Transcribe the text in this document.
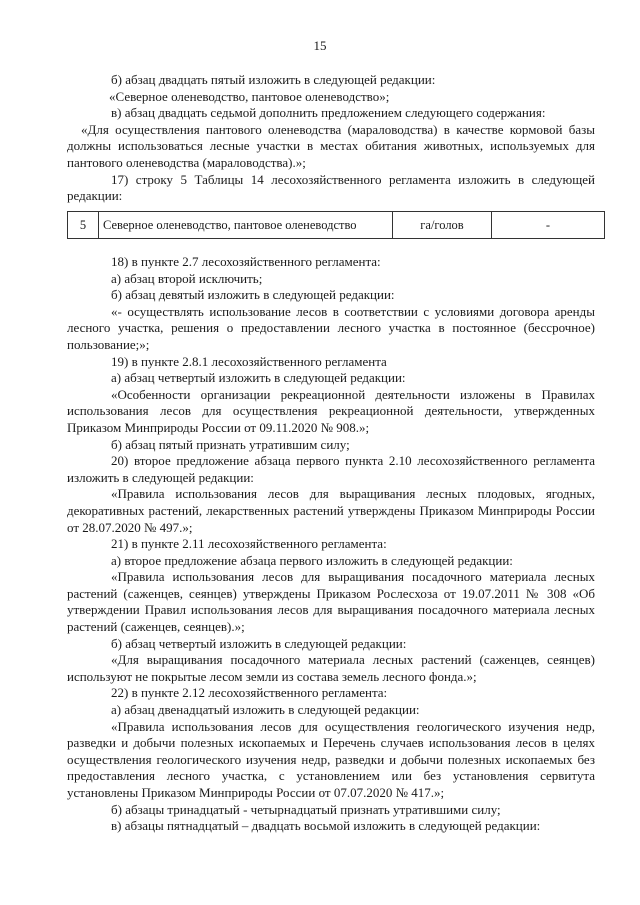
15

б) абзац двадцать пятый изложить в следующей редакции:

«Северное оленеводство, пантовое оленеводство»;

в) абзац двадцать седьмой дополнить предложением следующего содержания:

«Для осуществления пантового оленеводства (мараловодства) в качестве кормовой базы должны использоваться лесные участки в местах обитания животных, используемых для пантового оленеводства (мараловодства).»;

17) строку 5 Таблицы 14 лесохозяйственного регламента изложить в следующей редакции:

5	Северное оленеводство, пантовое оленеводство	га/голов	-

18) в пункте 2.7 лесохозяйственного регламента:

а) абзац второй исключить;

б) абзац девятый изложить в следующей редакции:

«- осуществлять использование лесов в соответствии с условиями договора аренды лесного участка, решения о предоставлении лесного участка в постоянное (бессрочное) пользование;»;

19) в пункте 2.8.1 лесохозяйственного регламента

а) абзац четвертый изложить в следующей редакции:

«Особенности организации рекреационной деятельности изложены в Правилах использования лесов для осуществления рекреационной деятельности, утвержденных Приказом Минприроды России от 09.11.2020 № 908.»;

б) абзац пятый признать утратившим силу;

20) второе предложение абзаца первого пункта 2.10 лесохозяйственного регламента изложить в следующей редакции:

«Правила использования лесов для выращивания лесных плодовых, ягодных, декоративных растений, лекарственных растений утверждены Приказом Минприроды России от 28.07.2020 № 497.»;

21) в пункте 2.11 лесохозяйственного регламента:

а) второе предложение абзаца первого изложить в следующей редакции:

«Правила использования лесов для выращивания посадочного материала лесных растений (саженцев, сеянцев) утверждены Приказом Рослесхоза от 19.07.2011 № 308 «Об утверждении Правил использования лесов для выращивания посадочного материала лесных растений (саженцев, сеянцев).»;

б) абзац четвертый изложить в следующей редакции:

«Для выращивания посадочного материала лесных растений (саженцев, сеянцев) используют не покрытые лесом земли из состава земель лесного фонда.»;

22) в пункте 2.12 лесохозяйственного регламента:

а) абзац двенадцатый изложить в следующей редакции:

«Правила использования лесов для осуществления геологического изучения недр, разведки и добычи полезных ископаемых и Перечень случаев использования лесов в целях осуществления геологического изучения недр, разведки и добычи полезных ископаемых без предоставления лесного участка, с установлением или без установления сервитута установлены Приказом Минприроды России от 07.07.2020 № 417.»;

б) абзацы тринадцатый - четырнадцатый признать утратившими силу;

в) абзацы пятнадцатый – двадцать восьмой изложить в следующей редакции:
